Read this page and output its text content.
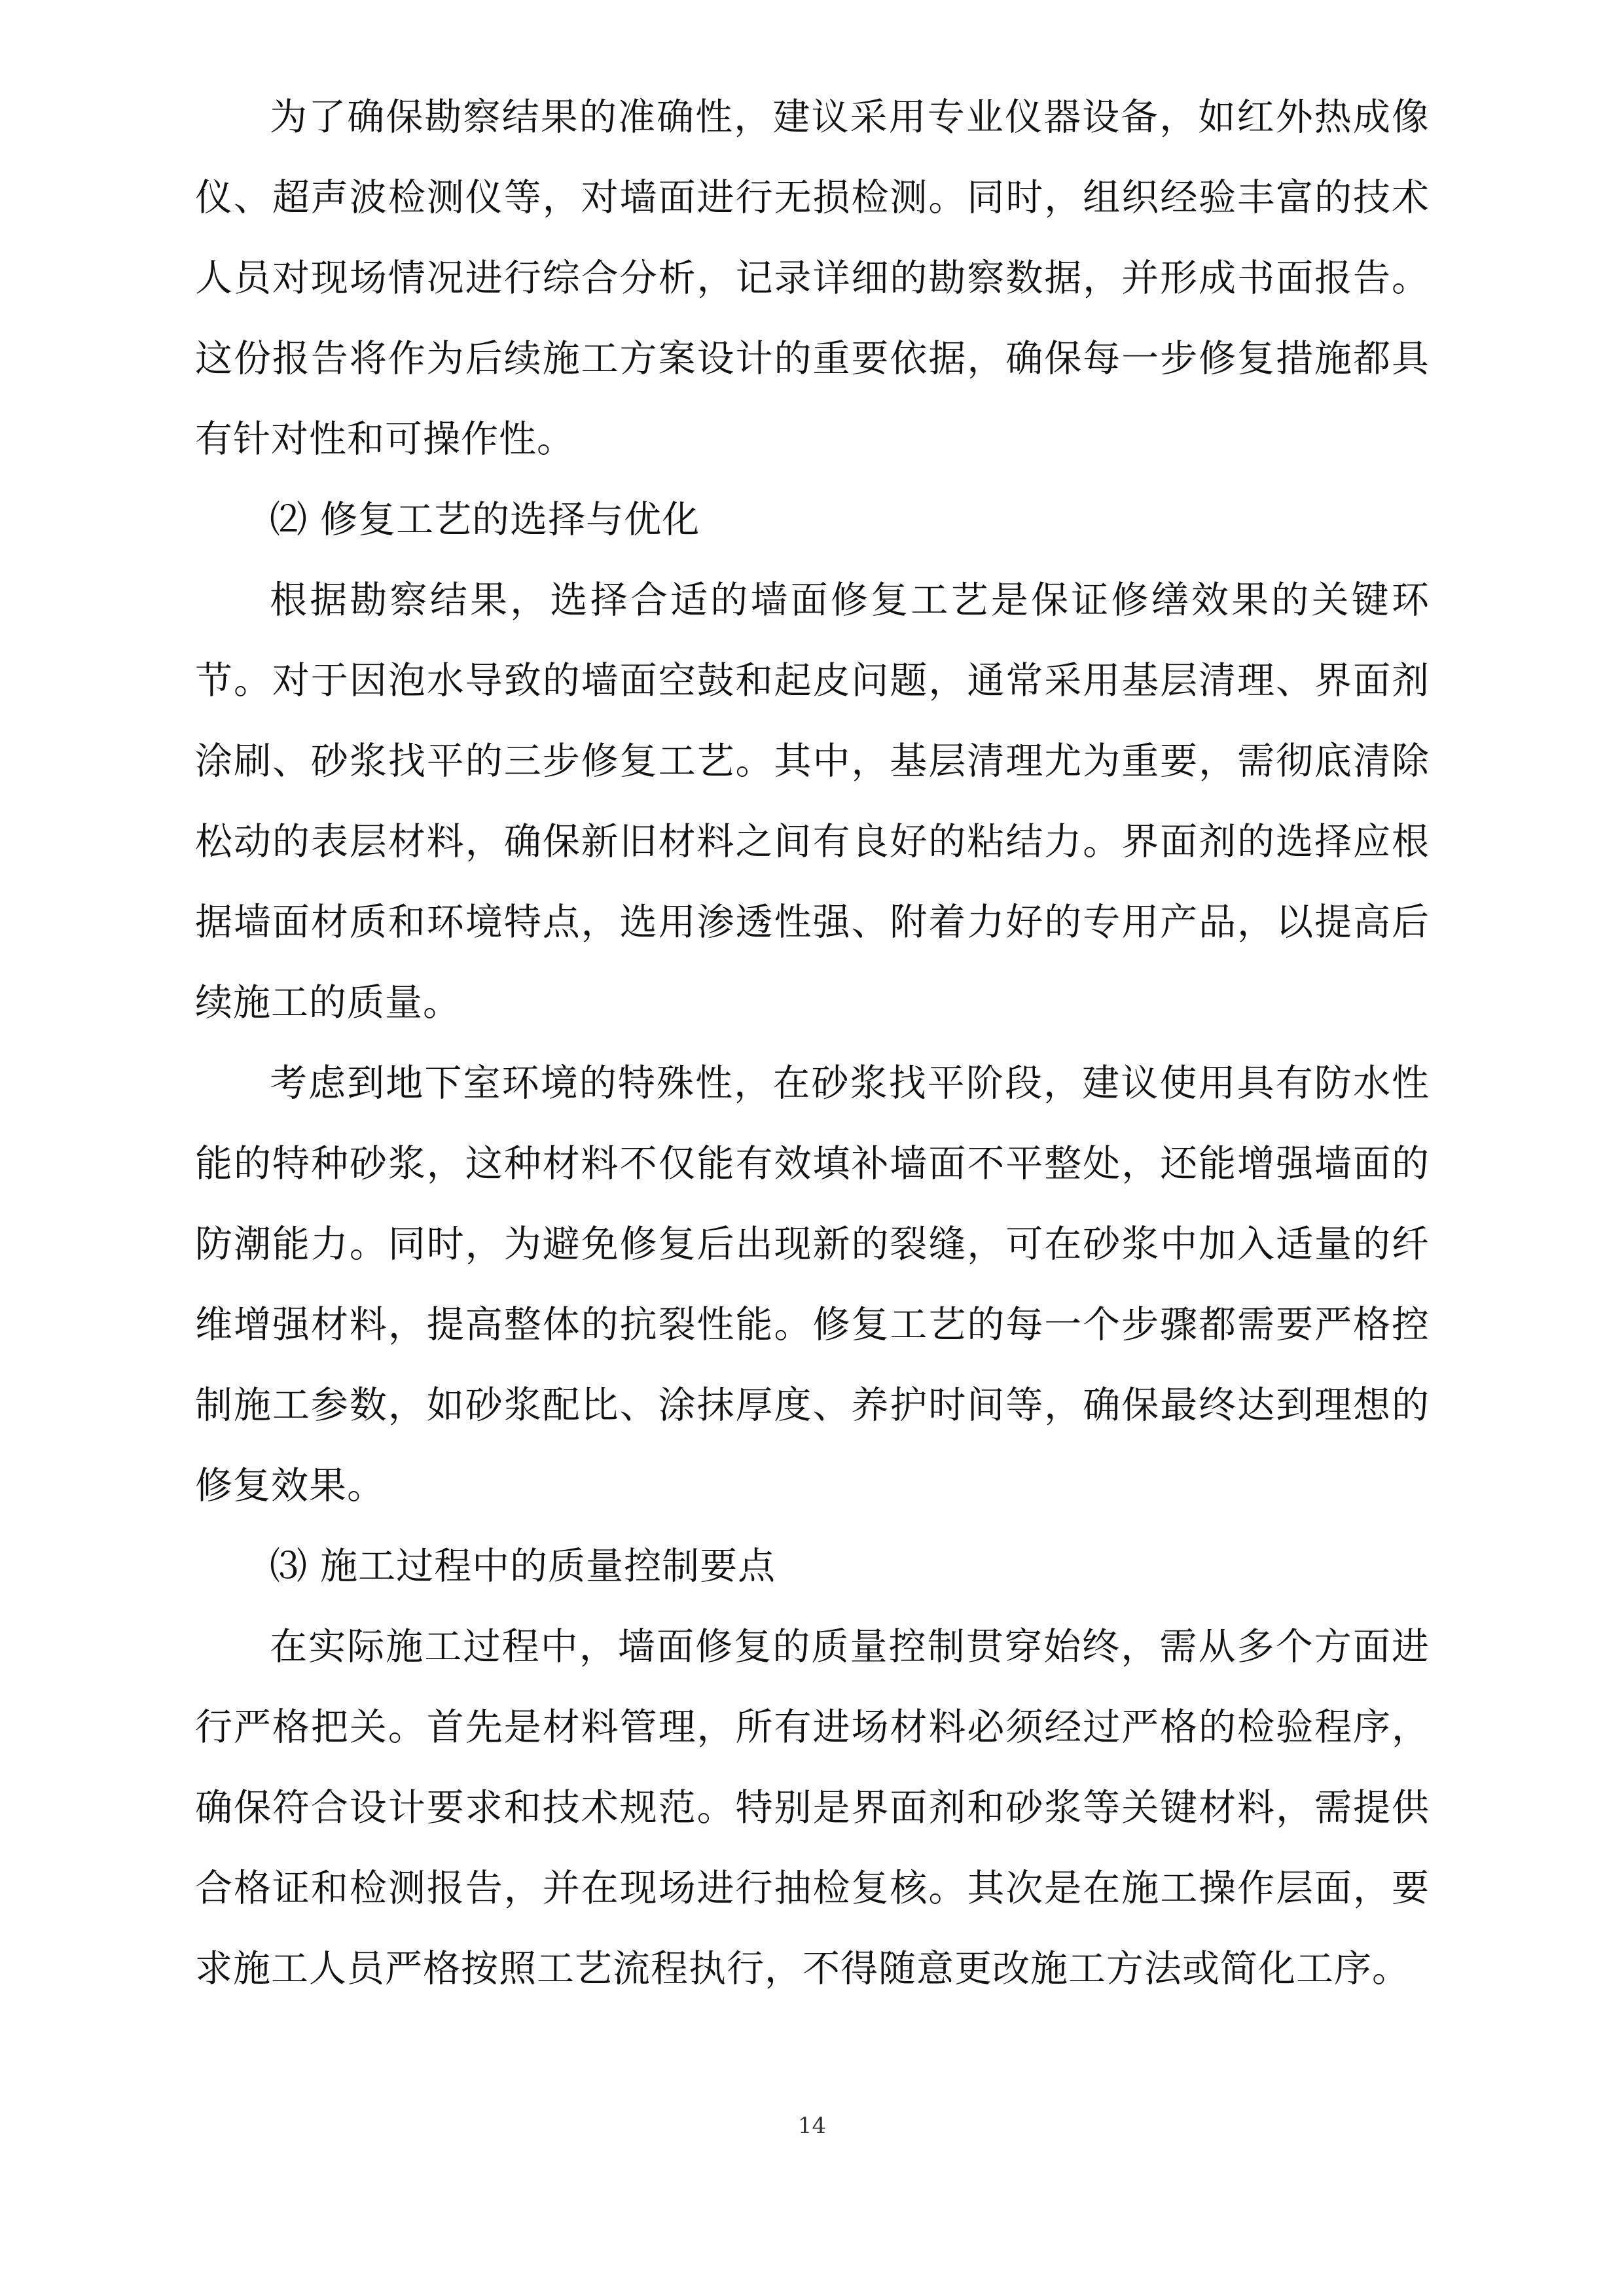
为了确保勘察结果的准确性，建议采用专业仪器设备，如红外热成像仪、超声波检测仪等，对墙面进行无损检测。同时，组织经验丰富的技术人员对现场情况进行综合分析，记录详细的勘察数据，并形成书面报告。这份报告将作为后续施工方案设计的重要依据，确保每一步修复措施都具有针对性和可操作性。

⑵ 修复工艺的选择与优化

根据勘察结果，选择合适的墙面修复工艺是保证修缮效果的关键环节。对于因泡水导致的墙面空鼓和起皮问题，通常采用基层清理、界面剂涂刷、砂浆找平的三步修复工艺。其中，基层清理尤为重要，需彻底清除松动的表层材料，确保新旧材料之间有良好的粘结力。界面剂的选择应根据墙面材质和环境特点，选用渗透性强、附着力好的专用产品，以提高后续施工的质量。

考虑到地下室环境的特殊性，在砂浆找平阶段，建议使用具有防水性能的特种砂浆，这种材料不仅能有效填补墙面不平整处，还能增强墙面的防潮能力。同时，为避免修复后出现新的裂缝，可在砂浆中加入适量的纤维增强材料，提高整体的抗裂性能。修复工艺的每一个步骤都需要严格控制施工参数，如砂浆配比、涂抹厚度、养护时间等，确保最终达到理想的修复效果。

⑶ 施工过程中的质量控制要点

在实际施工过程中，墙面修复的质量控制贯穿始终，需从多个方面进行严格把关。首先是材料管理，所有进场材料必须经过严格的检验程序，确保符合设计要求和技术规范。特别是界面剂和砂浆等关键材料，需提供合格证和检测报告，并在现场进行抽检复核。其次是在施工操作层面，要求施工人员严格按照工艺流程执行，不得随意更改施工方法或简化工序。

14
